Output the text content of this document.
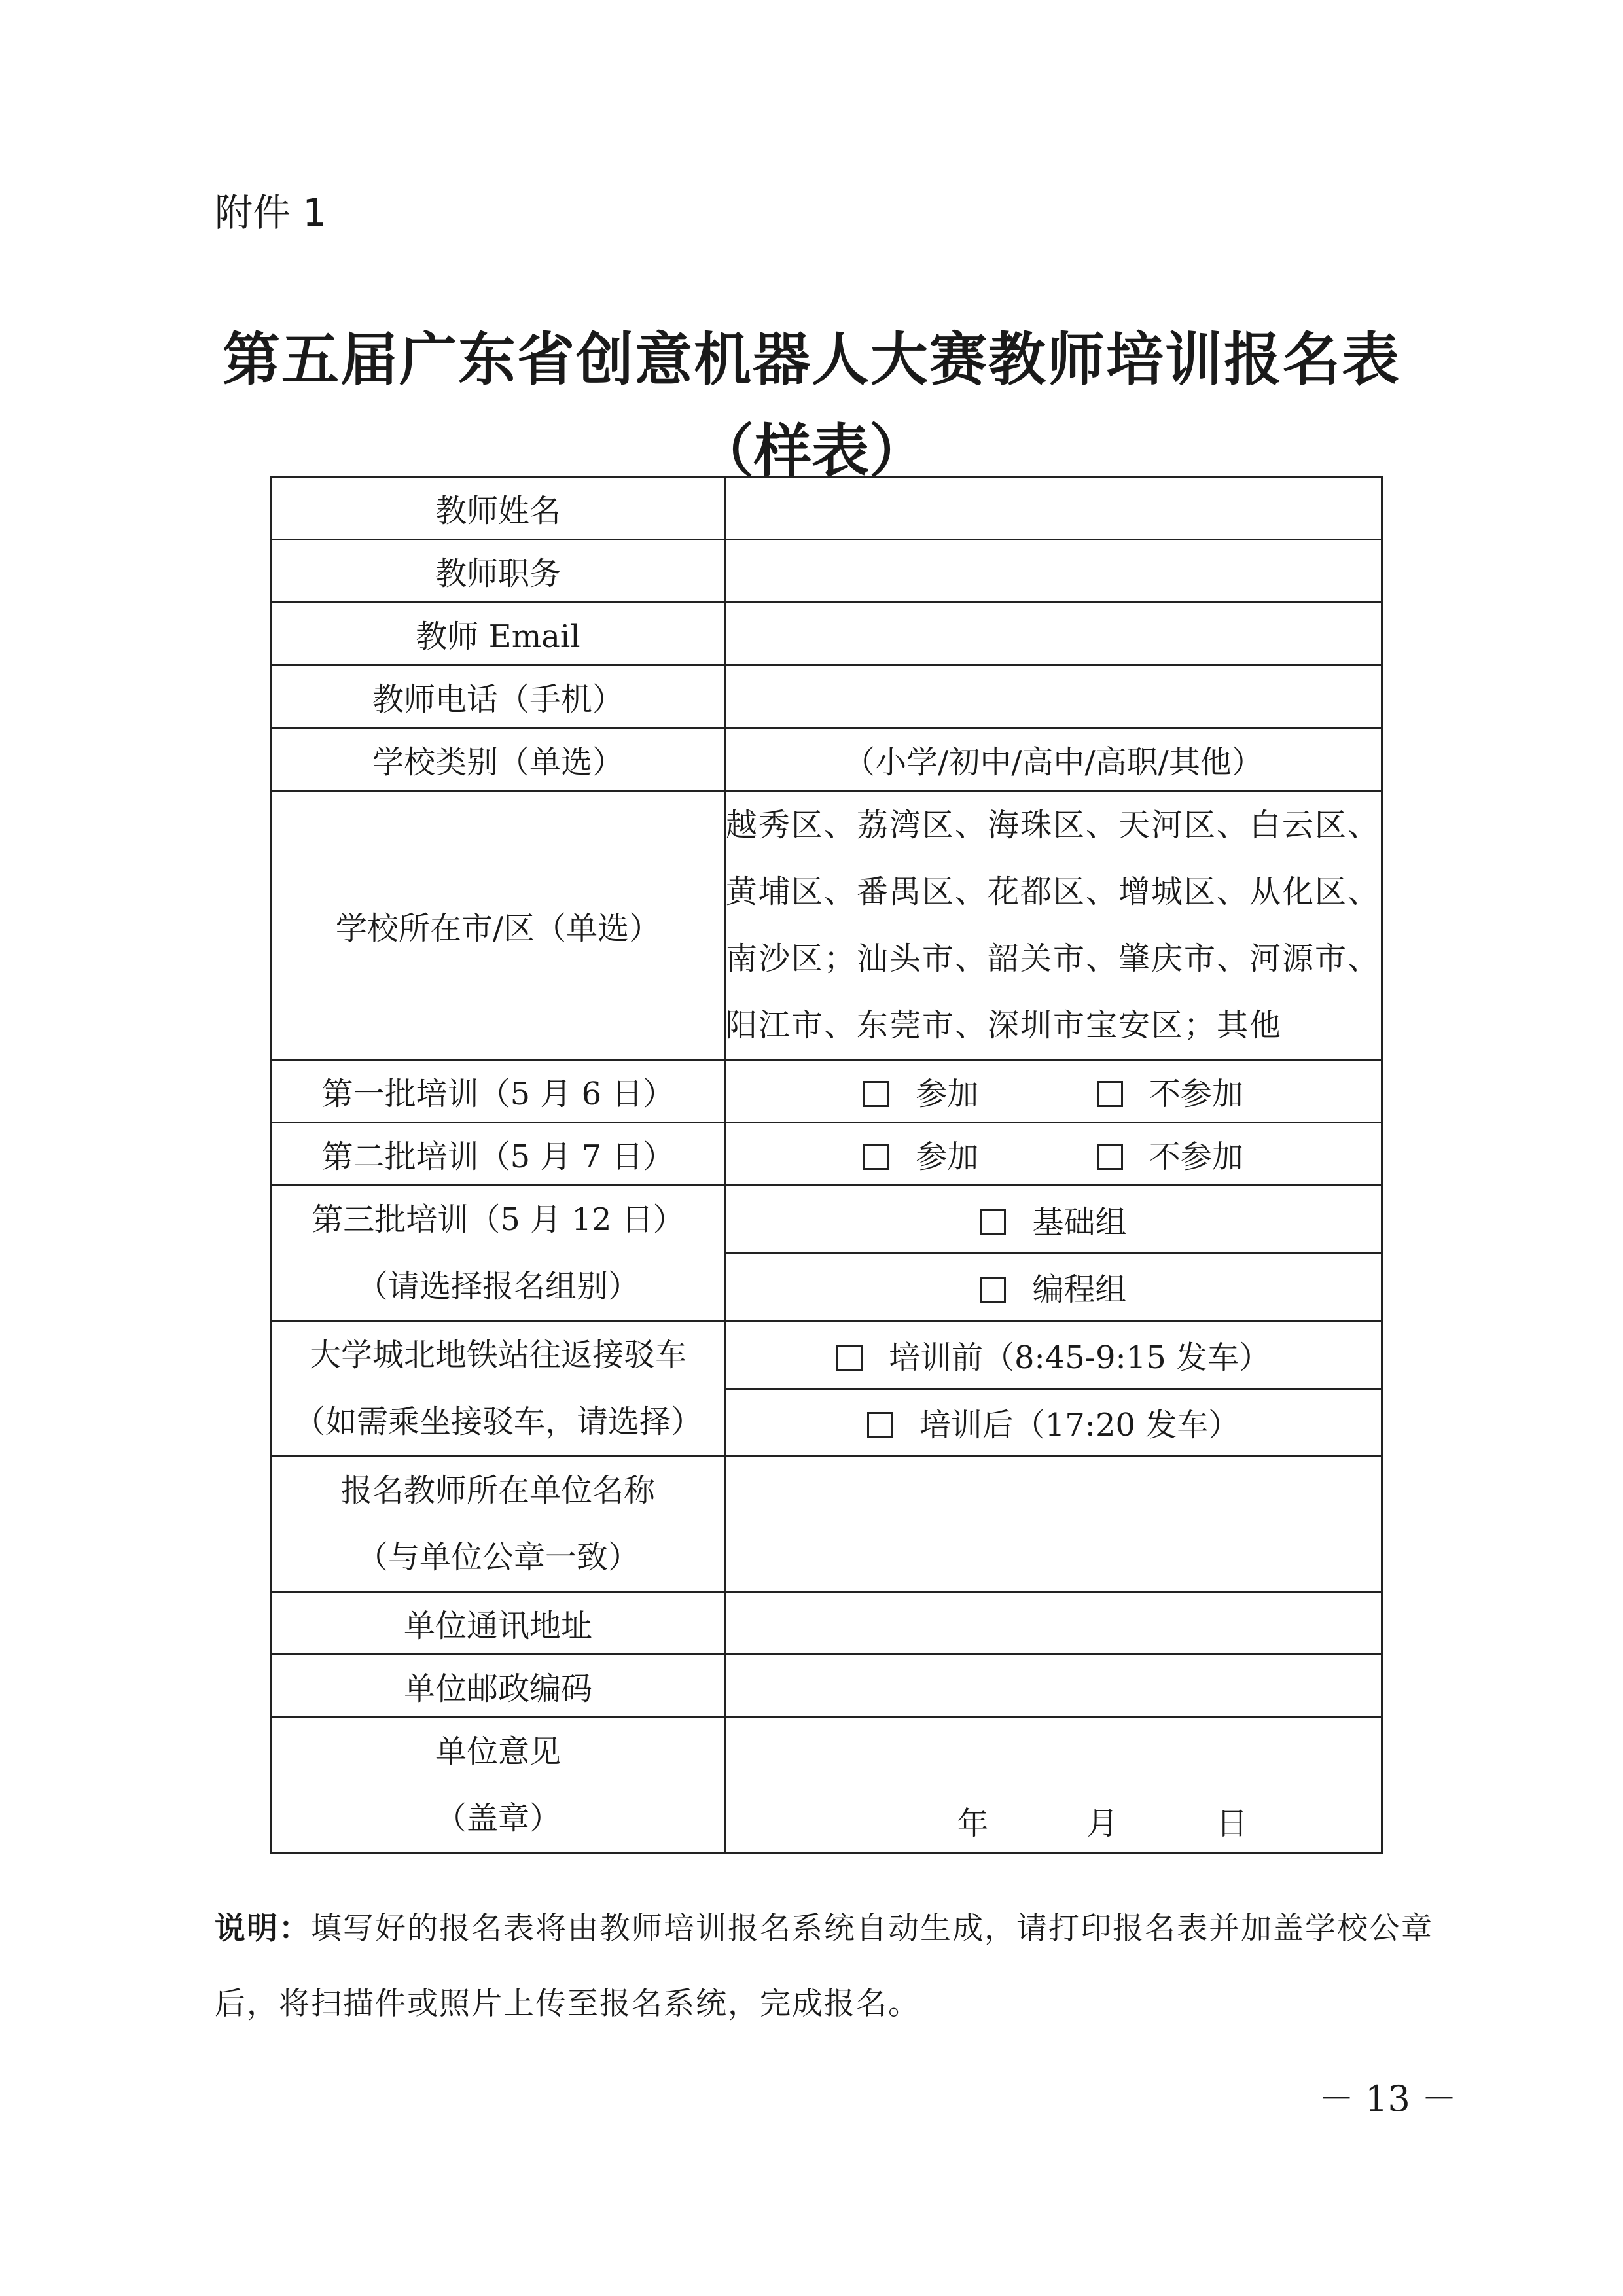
附件 1
第五届广东省创意机器人大赛教师培训报名表
（样表）
教师姓名	
教师职务	
教师 Email	
教师电话（手机）	
学校类别（单选）	（小学/初中/高中/高职/其他）
学校所在市/区（单选）	越秀区、荔湾区、海珠区、天河区、白云区、
黄埔区、番禺区、花都区、增城区、从化区、
南沙区；汕头市、韶关市、肇庆市、河源市、
阳江市、东莞市、深圳市宝安区；其他

第一批培训（5 月 6 日）	参加 不参加
第二批培训（5 月 7 日）	参加 不参加

第三批培训（5 月 12 日）
（请选择报名组别）	基础组
	编程组

大学城北地铁站往返接驳车
（如需乘坐接驳车，请选择）	培训前（8:45-9:15 发车）
	培训后（17:20 发车）

报名教师所在单位名称
（与单位公章一致）	

单位通讯地址	
单位邮政编码	

单位意见
（盖章）	年 月 日
说明：填写好的报名表将由教师培训报名系统自动生成，请打印报名表并加盖学校公章后，将扫描件或照片上传至报名系统，完成报名。
－ 13 －
